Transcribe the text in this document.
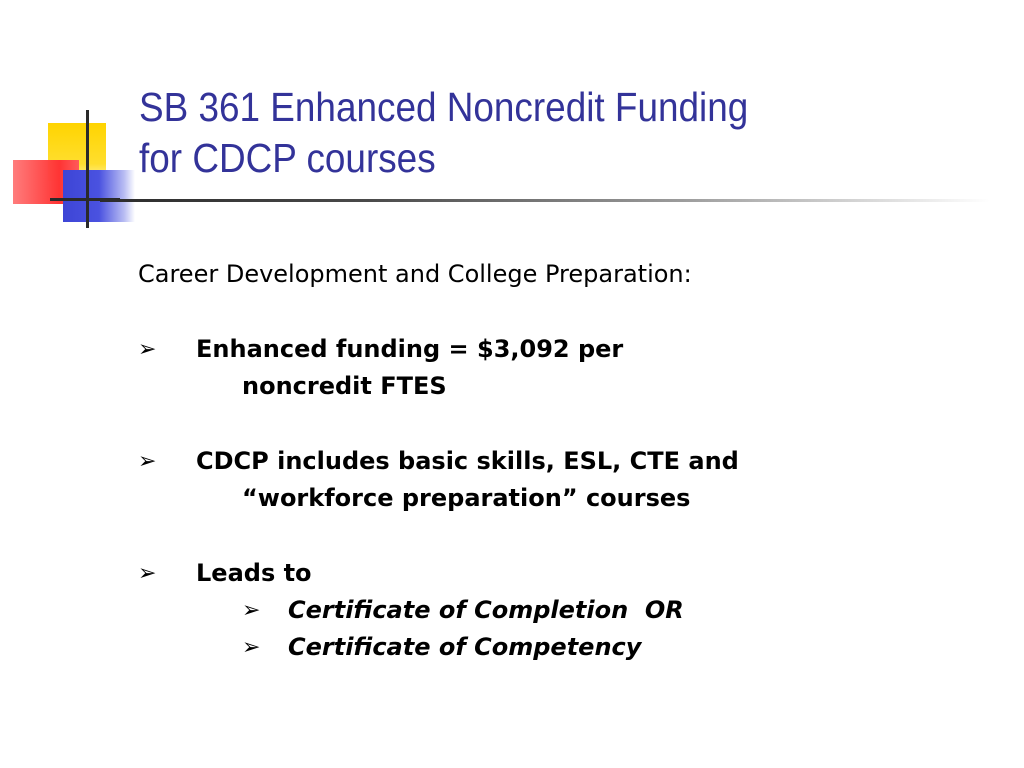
SB 361 Enhanced Noncredit Funding
for CDCP courses

Career Development and College Preparation:

➢ Enhanced funding = $3,092 per
noncredit FTES

➢ CDCP includes basic skills, ESL, CTE and
“workforce preparation” courses

➢ Leads to

➢ Certificate of Completion  OR

➢ Certificate of Competency
